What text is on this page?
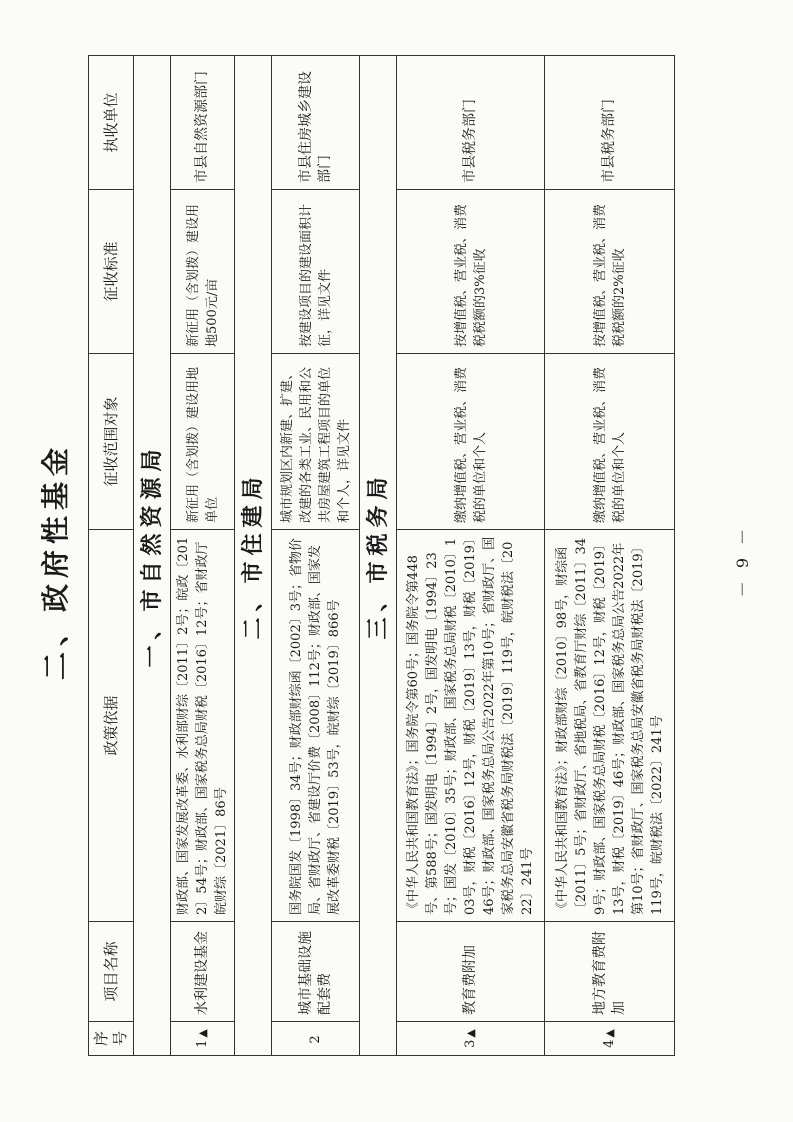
二、政府性基金
序号	项目名称	政策依据	征收范围对象	征收标准	执收单位
一、市自然资源局					
1▲	水利建设基金	财政部、国家发展改革委、水利部财综〔2011〕2号；皖政〔2012〕54号；财政部、国家税务总局财税〔2016〕12号；省财政厅皖财综〔2021〕86号	新征用（含划拨）建设用地单位	新征用（含划拨）建设用地500元/亩	市县自然资源部门
二、市住建局					
2	城市基础设施配套费	国务院国发〔1998〕34号；财政部财综函〔2002〕3号；省物价局、省财政厅、省建设厅价费〔2008〕112号；财政部、国家发展改革委财税〔2019〕53号，皖财综〔2019〕866号	城市规划区内新建、扩建、改建的各类工业、民用和公共房屋建筑工程项目的单位和个人，详见文件	按建设项目的建设面积计征，详见文件	市县住房城乡建设部门
三、市税务局					
3▲	教育费附加	《中华人民共和国教育法》；国务院令第60号；国务院令第448号、第588号；国发明电〔1994〕2号，国发明电〔1994〕23号；国发〔2010〕35号；财政部、国家税务总局财税〔2010〕103号，财税〔2016〕12号，财税〔2019〕13号，财税〔2019〕46号；财政部、国家税务总局公告2022年第10号；省财政厅、国家税务总局安徽省税务局财税法〔2019〕119号，皖财税法〔2022〕241号	缴纳增值税、营业税、消费税的单位和个人	按增值税、营业税、消费税税额的3%征收	市县税务部门
4▲	地方教育费附加	《中华人民共和国教育法》；财政部财综〔2010〕98号，财综函〔2011〕5号；省财政厅、省地税局、省教育厅财综〔2011〕349号；财政部、国家税务总局财税〔2016〕12号，财税〔2019〕13号，财税〔2019〕46号；财政部、国家税务总局公告2022年第10号；省财政厅、国家税务总局安徽省税务局财税法〔2019〕119号，皖财税法〔2022〕241号	缴纳增值税、营业税、消费税的单位和个人	按增值税、营业税、消费税税额的2%征收	市县税务部门
－ 9 －
